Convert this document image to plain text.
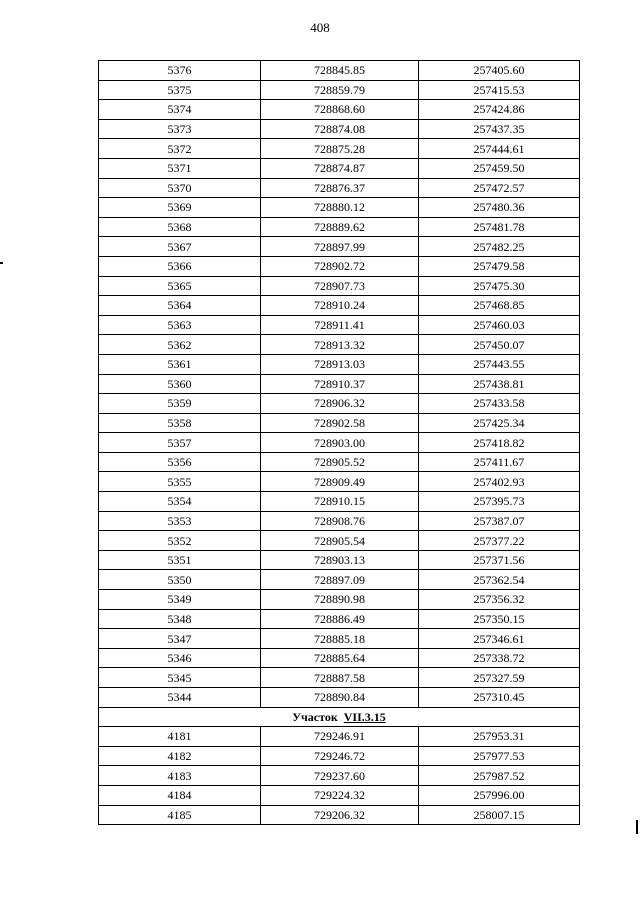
408
5376	728845.85	257405.60
5375	728859.79	257415.53
5374	728868.60	257424.86
5373	728874.08	257437.35
5372	728875.28	257444.61
5371	728874.87	257459.50
5370	728876.37	257472.57
5369	728880.12	257480.36
5368	728889.62	257481.78
5367	728897.99	257482.25
5366	728902.72	257479.58
5365	728907.73	257475.30
5364	728910.24	257468.85
5363	728911.41	257460.03
5362	728913.32	257450.07
5361	728913.03	257443.55
5360	728910.37	257438.81
5359	728906.32	257433.58
5358	728902.58	257425.34
5357	728903.00	257418.82
5356	728905.52	257411.67
5355	728909.49	257402.93
5354	728910.15	257395.73
5353	728908.76	257387.07
5352	728905.54	257377.22
5351	728903.13	257371.56
5350	728897.09	257362.54
5349	728890.98	257356.32
5348	728886.49	257350.15
5347	728885.18	257346.61
5346	728885.64	257338.72
5345	728887.58	257327.59
5344	728890.84	257310.45
Участок VII.3.15		
4181	729246.91	257953.31
4182	729246.72	257977.53
4183	729237.60	257987.52
4184	729224.32	257996.00
4185	729206.32	258007.15
